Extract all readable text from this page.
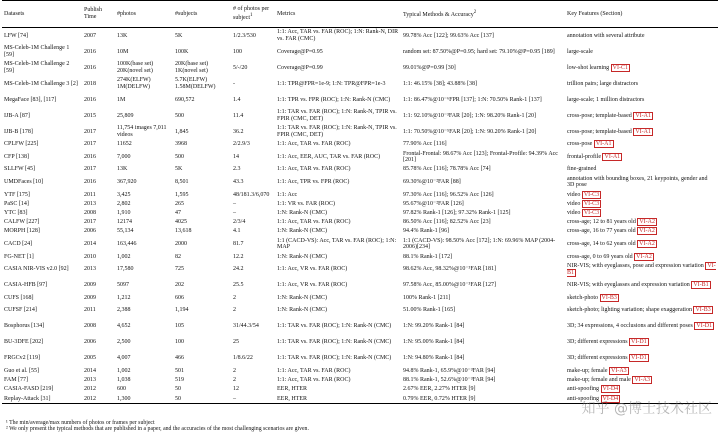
Datasets	Publish Time	#photos	#subjects	# of photos per subject$^1$	Metrics	Typical Methods & Accuracy$^2$	Key Features (Section)
LFW [74]	2007	13K	5K	1/2.3/530	1:1: Acc, TAR vs. FAR (ROC); 1:N: Rank-N, DIR vs. FAR (CMC)	99.78% Acc [122]; 99.63% Acc [137]	annotation with several attribute
MS-Celeb-1M Challenge 1 [59]	2016	10M	100K	100	Coverage@P=0.95	random set: 87.50%@P=0.95; hard set: 79.10%@P=0.95 [189]	large-scale
MS-Celeb-1M Challenge 2 [59]	2016	100K(base set) 20K(novel set)	20K(base set) 1K(novel set)	5/-/20	Coverage@P=0.99	99.01%@P=0.99 [30]	low-shot learning VI-C1
MS-Celeb-1M Challenge 3 [2]	2018	274K(ELFW) 1M(DELFW)	5.7K(ELFW) 1.58M(DELFW)	-	1:1: TPR@FPR=1e-9; 1:N: TPR@FPR=1e-3	1:1: 46.15% [38]; 43.88% [38]	trillion pairs; large distractors
MegaFace [83], [117]	2016	1M	690,572	1.4	1:1: TPR vs. FPR (ROC); 1:N: Rank-N (CMC)	1:1: 86.47%@10⁻⁶FPR [137]; 1:N: 70.50% Rank-1 [137]	large-scale; 1 million distractors
IJB-A [87]	2015	25,809	500	11.4	1:1: TAR vs. FAR (ROC); 1:N: Rank-N, TPIR vs. FPIR (CMC, DET)	1:1: 92.10%@10⁻³FAR [20]; 1:N: 98.20% Rank-1 [20]	cross-pose; template-based VI-A1
IJB-B [178]	2017	11,754 images 7,011 videos	1,845	36.2	1:1: TAR vs. FAR (ROC); 1:N: Rank-N, TPIR vs. FPIR (CMC, DET)	1:1: 70.50%@10⁻⁵FAR [20]; 1:N: 90.20% Rank-1 [20]	cross-pose; template-based VI-A1
CPLFW [225]	2017	11652	3968	2/2.9/3	1:1: Acc, TAR vs. FAR (ROC)	77.90% Acc [116]	cross-pose VI-A1
CFP [138]	2016	7,000	500	14	1:1: Acc, EER, AUC, TAR vs. FAR (ROC)	Frontal-Frontal: 98.67% Acc [123]; Frontal-Profile: 94.39% Acc [201]	frontal-profile VI-A1
SLLFW [45]	2017	13K	5K	2.3	1:1: Acc, TAR vs. FAR (ROC)	85.78% Acc [116]; 78.78% Acc [74]	fine-grained
UMDFaces [10]	2016	367,920	8,501	43.3	1:1: Acc, TPR vs. FPR (ROC)	69.30%@10⁻²FAR [88]	annotation with bounding boxes, 21 keypoints, gender and 3D pose
YTF [175]	2011	3,425	1,595	48/181.3/6,070	1:1: Acc	97.30% Acc [116]; 96.52% Acc [126]	video VI-C3
PaSC [14]	2013	2,802	265	–	1:1: VR vs. FAR (ROC)	95.67%@10⁻²FAR [126]	video VI-C3
YTC [83]	2008	1,910	47	–	1:N: Rank-N (CMC)	97.82% Rank-1 [126]; 97.32% Rank-1 [125]	video VI-C3
CALFW [227]	2017	12174	4025	2/3/4	1:1: Acc, TAR vs. FAR (ROC)	86.50% Acc [116]; 82.52% Acc [23]	cross-age; 12 to 81 years old VI-A2
MORPH [128]	2006	55,134	13,618	4.1	1:N: Rank-N (CMC)	94.4% Rank-1 [96]	cross-age, 16 to 77 years old VI-A2
CACD [24]	2014	163,446	2000	81.7	1:1 (CACD-VS): Acc, TAR vs. FAR (ROC); 1:N: MAP	1:1 (CACD-VS): 98.50% Acc [172]; 1:N: 69.96% MAP (2004-2006)[234]	cross-age, 14 to 62 years old VI-A2
FG-NET [1]	2010	1,002	82	12.2	1:N: Rank-N (CMC)	88.1% Rank-1 [172]	cross-age, 0 to 69 years old VI-A2
CASIA NIR-VIS v2.0 [92]	2013	17,580	725	24.2	1:1: Acc, VR vs. FAR (ROC)	98.62% Acc, 98.32%@10⁻³FAR [181]	NIR-VIS; with eyeglasses, pose and expression variation VI-B1
CASIA-HFB [97]	2009	5097	202	25.5	1:1: Acc, VR vs. FAR (ROC)	97.58% Acc, 85.00%@10⁻³FAR [127]	NIR-VIS; with eyeglasses and expression variation VI-B1
CUFS [168]	2009	1,212	606	2	1:N: Rank-N (CMC)	100% Rank-1 [211]	sketch-photo VI-B3
CUFSF [214]	2011	2,388	1,194	2	1:N: Rank-N (CMC)	51.00% Rank-1 [165]	sketch-photo; lighting variation; shape exaggeration VI-B3
Bosphorus [134]	2008	4,652	105	31/44.3/54	1:1: TAR vs. FAR (ROC); 1:N: Rank-N (CMC)	1:N: 99.20% Rank-1 [84]	3D; 34 expressions, 4 occlusions and different poses VI-D1
BU-3DFE [202]	2006	2,500	100	25	1:1: TAR vs. FAR (ROC); 1:N: Rank-N (CMC)	1:N: 95.00% Rank-1 [84]	3D; different expressions VI-D1
FRGCv2 [119]	2005	4,007	466	1/8.6/22	1:1: TAR vs. FAR (ROC); 1:N: Rank-N (CMC)	1:N: 94.80% Rank-1 [84]	3D; different expressions VI-D1
Guo et al. [55]	2014	1,002	501	2	1:1: Acc, TAR vs. FAR (ROC)	94.8% Rank-1, 65.9%@10⁻³FAR [94]	make-up; female VI-A3
FAM [77]	2013	1,038	519	2	1:1: Acc, TAR vs. FAR (ROC)	88.1% Rank-1, 52.6%@10⁻³FAR [94]	make-up; female and male VI-A3
CASIA-FASD [219]	2012	600	50	12	EER, HTER	2.67% EER, 2.27% HTER [9]	anti-spoofing VI-D4
Replay-Attack [31]	2012	1,300	50	–	EER, HTER	0.79% EER, 0.72% HTER [9]	anti-spoofing VI-D4
¹ The min/average/max numbers of photos or frames per subject
² We only present the typical methods that are published in a paper, and the accuracies of the most challenging scenarios are given.
知乎 @博士技术社区
